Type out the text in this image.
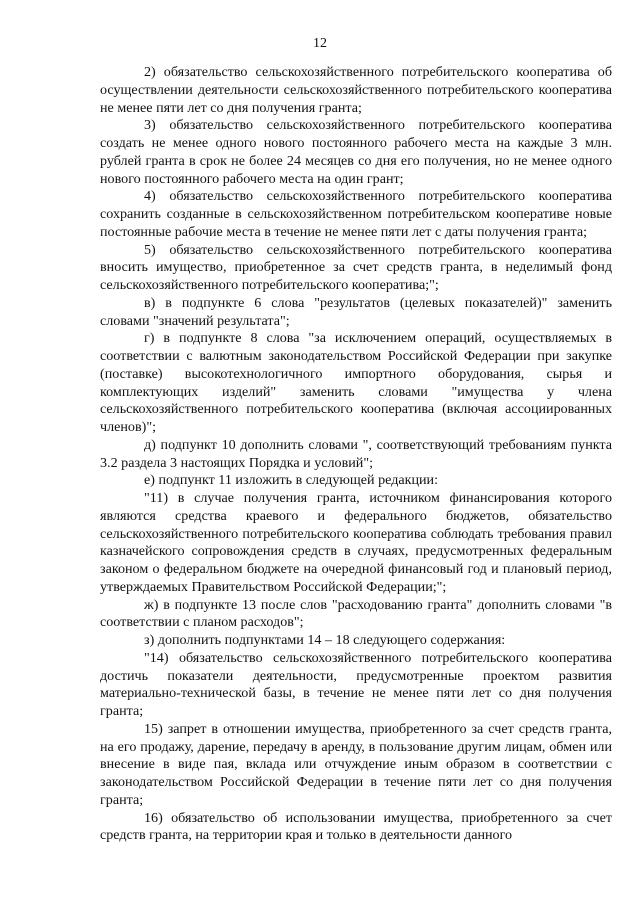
12

2) обязательство сельскохозяйственного потребительского кооператива об осуществлении деятельности сельскохозяйственного потребительского кооператива не менее пяти лет со дня получения гранта;

3) обязательство сельскохозяйственного потребительского кооператива создать не менее одного нового постоянного рабочего места на каждые 3 млн. рублей гранта в срок не более 24 месяцев со дня его получения, но не менее одного нового постоянного рабочего места на один грант;

4) обязательство сельскохозяйственного потребительского кооператива сохранить созданные в сельскохозяйственном потребительском кооперативе новые постоянные рабочие места в течение не менее пяти лет с даты получения гранта;

5) обязательство сельскохозяйственного потребительского кооператива вносить имущество, приобретенное за счет средств гранта, в неделимый фонд сельскохозяйственного потребительского кооператива;";

в) в подпункте 6 слова "результатов (целевых показателей)" заменить словами "значений результата";

г) в подпункте 8 слова "за исключением операций, осуществляемых в соответствии с валютным законодательством Российской Федерации при закупке (поставке) высокотехнологичного импортного оборудования, сырья и комплектующих изделий" заменить словами "имущества у члена сельскохозяйственного потребительского кооператива (включая ассоциированных членов)";

д) подпункт 10 дополнить словами ", соответствующий требованиям пункта 3.2 раздела 3 настоящих Порядка и условий";

е) подпункт 11 изложить в следующей редакции:

"11) в случае получения гранта, источником финансирования которого являются средства краевого и федерального бюджетов, обязательство сельскохозяйственного потребительского кооператива соблюдать требования правил казначейского сопровождения средств в случаях, предусмотренных федеральным законом о федеральном бюджете на очередной финансовый год и плановый период, утверждаемых Правительством Российской Федерации;";

ж) в подпункте 13 после слов "расходованию гранта" дополнить словами "в соответствии с планом расходов";

з) дополнить подпунктами 14 – 18 следующего содержания:

"14) обязательство сельскохозяйственного потребительского кооператива достичь показатели деятельности, предусмотренные проектом развития материально-технической базы, в течение не менее пяти лет со дня получения гранта;

15) запрет в отношении имущества, приобретенного за счет средств гранта, на его продажу, дарение, передачу в аренду, в пользование другим лицам, обмен или внесение в виде пая, вклада или отчуждение иным образом в соответствии с законодательством Российской Федерации в течение пяти лет со дня получения гранта;

16) обязательство об использовании имущества, приобретенного за счет средств гранта, на территории края и только в деятельности данного
